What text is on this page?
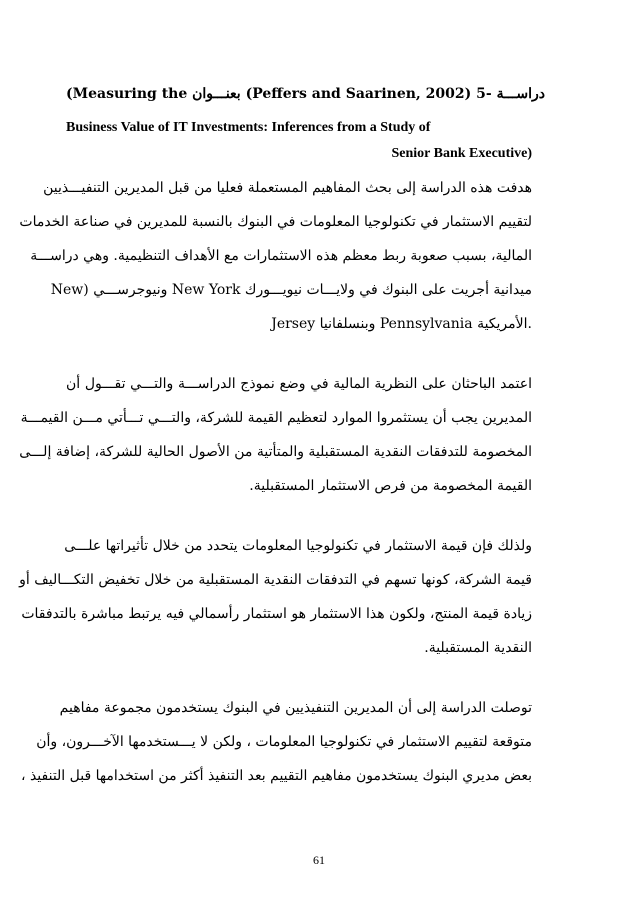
(Measuring the بعنـــوان (Peffers and Saarinen, 2002) دراســـة -5
Business Value of IT Investments: Inferences from a Study of
Senior Bank Executive)
هدفت هذه الدراسة إلى بحث المفاهيم المستعملة فعليا من قبل المديرين التنفيـــذيين
لتقييم الاستثمار في تكنولوجيا المعلومات في البنوك بالنسبة للمديرين في صناعة الخدمات
المالية، بسبب صعوبة ربط معظم هذه الاستثمارات مع الأهداف التنظيمية. وهي دراســـة
ميدانية أجريت على البنوك في ولايـــات نيويـــورك New York ونيوجرســـي (New
Jersey وبنسلفانيا Pennsylvania الأمريكية.
اعتمد الباحثان على النظرية المالية في وضع نموذج الدراســـة والتـــي تقـــول أن
المديرين يجب أن يستثمروا الموارد لتعظيم القيمة للشركة، والتـــي تـــأتي مـــن القيمـــة
المخصومة للتدفقات النقدية المستقبلية والمتأتية من الأصول الحالية للشركة، إضافة إلـــى
القيمة المخصومة من فرص الاستثمار المستقبلية.
ولذلك فإن قيمة الاستثمار في تكنولوجيا المعلومات يتحدد من خلال تأثيراتها علـــى
قيمة الشركة، كونها تسهم في التدفقات النقدية المستقبلية من خلال تخفيض التكـــاليف أو
زيادة قيمة المنتج، ولكون هذا الاستثمار هو استثمار رأسمالي فيه يرتبط مباشرة بالتدفقات
النقدية المستقبلية.
توصلت الدراسة إلى أن المديرين التنفيذيين في البنوك يستخدمون مجموعة مفاهيم
متوقعة لتقييم الاستثمار في تكنولوجيا المعلومات ، ولكن لا يـــستخدمها الآخـــرون، وأن
بعض مديري البنوك يستخدمون مفاهيم التقييم بعد التنفيذ أكثر من استخدامها قبل التنفيذ ،
61
